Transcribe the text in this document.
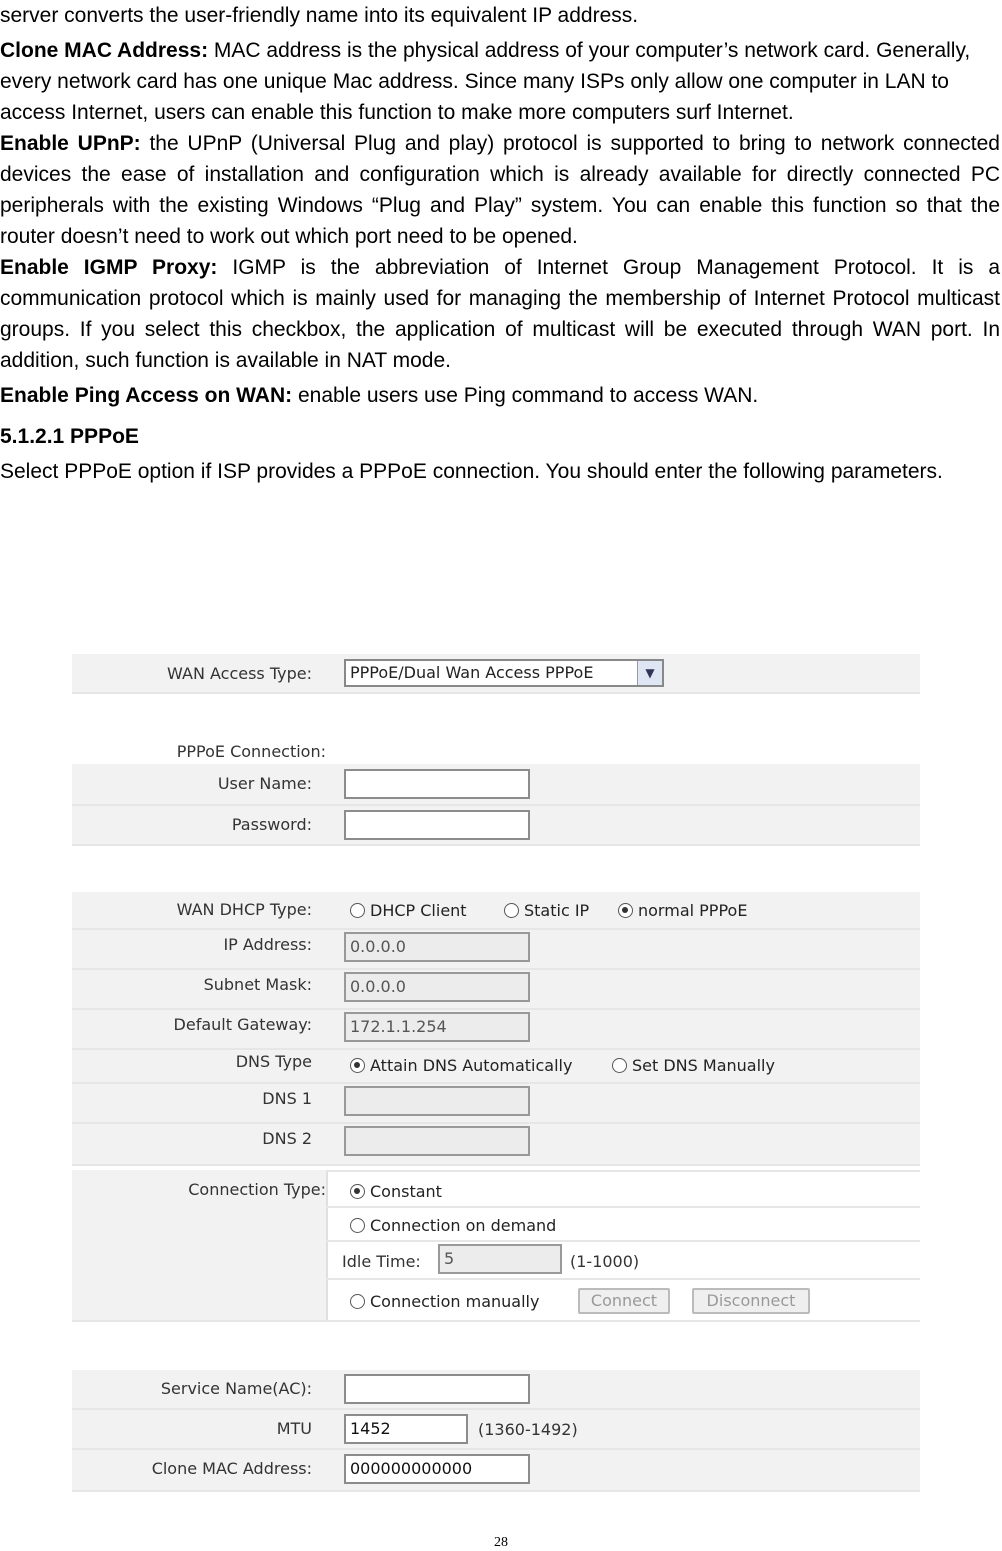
server converts the user-friendly name into its equivalent IP address.

Clone MAC Address: MAC address is the physical address of your computer’s network card. Generally, every network card has one unique Mac address. Since many ISPs only allow one computer in LAN to access Internet, users can enable this function to make more computers surf Internet.

Enable UPnP: the UPnP (Universal Plug and play) protocol is supported to bring to network connected devices the ease of installation and configuration which is already available for directly connected PC peripherals with the existing Windows “Plug and Play” system. You can enable this function so that the router doesn’t need to work out which port need to be opened.

Enable IGMP Proxy: IGMP is the abbreviation of Internet Group Management Protocol. It is a communication protocol which is mainly used for managing the membership of Internet Protocol multicast groups. If you select this checkbox, the application of multicast will be executed through WAN port. In addition, such function is available in NAT mode.

Enable Ping Access on WAN: enable users use Ping command to access WAN.

5.1.2.1 PPPoE

Select PPPoE option if ISP provides a PPPoE connection. You should enter the following parameters.

WAN Access Type:	PPPoE/Dual Wan Access PPPoE	▼
PPPoE Connection:
User Name:
Password:
WAN DHCP Type:	DHCP Client	Static IP	normal PPPoE
IP Address:	0.0.0.0
Subnet Mask:	0.0.0.0
Default Gateway:	172.1.1.254
DNS Type	Attain DNS Automatically	Set DNS Manually
DNS 1
DNS 2
Connection Type:	Constant
Connection on demand
Idle Time:	5	(1-1000)
Connection manually	Connect	Disconnect
Service Name(AC):
MTU	1452	(1360-1492)
Clone MAC Address:	000000000000
28
